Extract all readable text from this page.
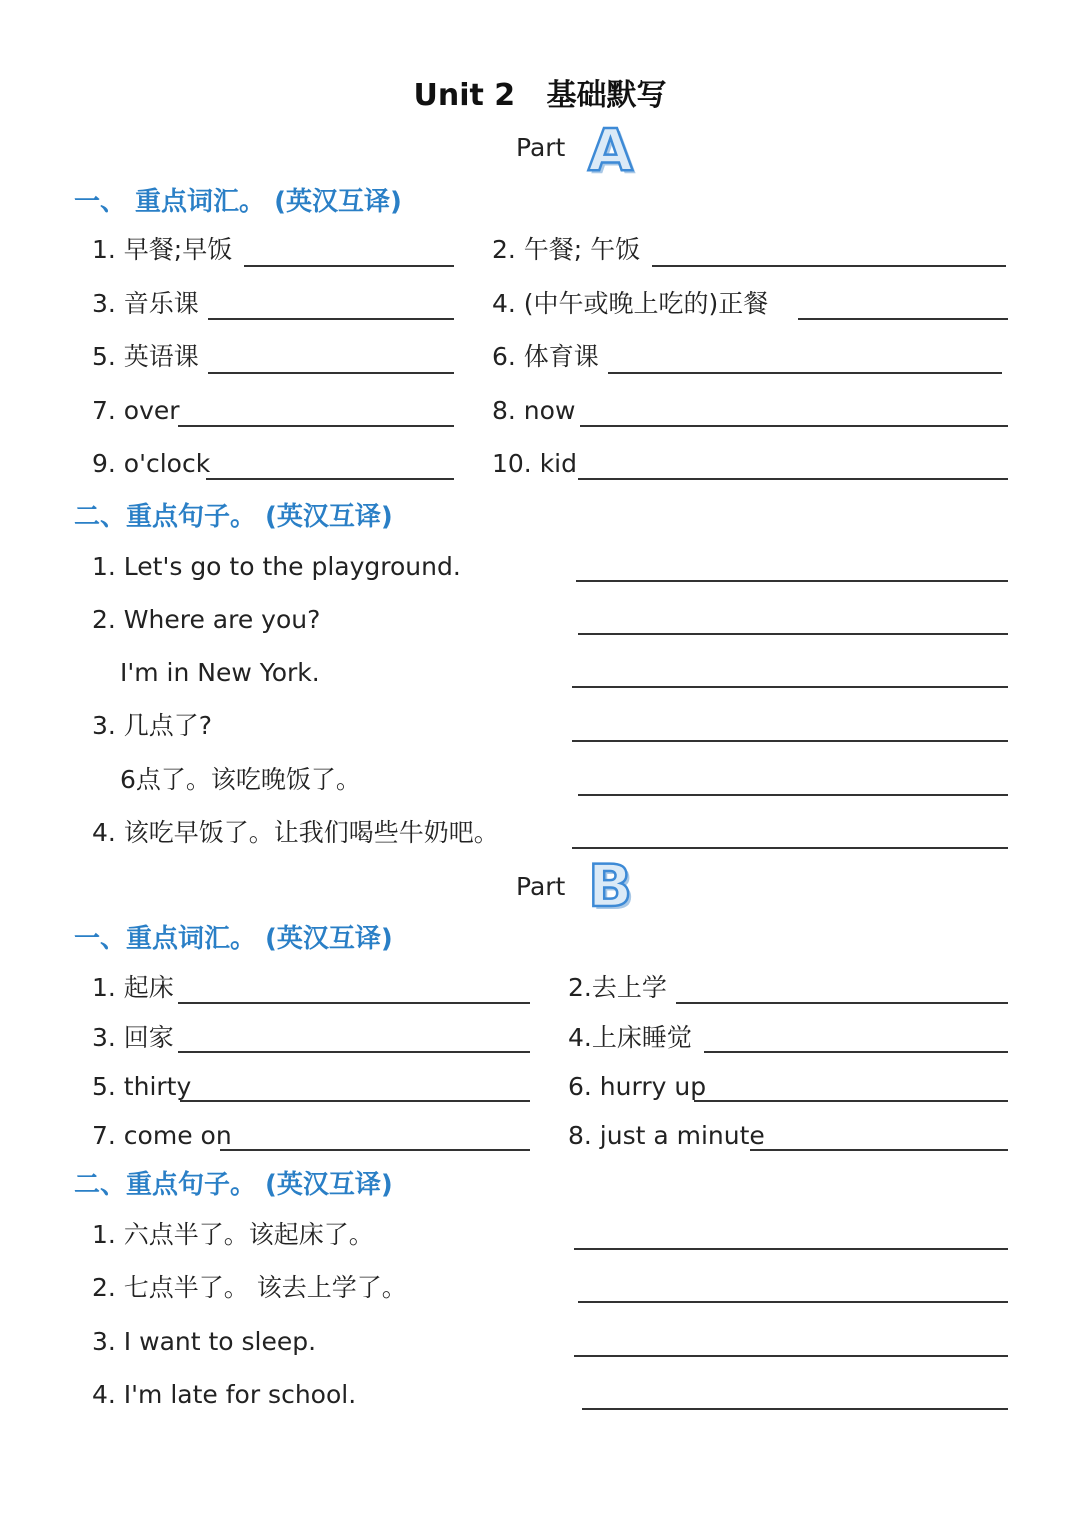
Unit 2   基础默写
Part A
一、 重点词汇。 (英汉互译)
1. 早餐;早饭	2. 午餐; 午饭
3. 音乐课	4. (中午或晚上吃的)正餐
5. 英语课	6. 体育课
7. over	8. now
9. o'clock	10. kid
二、重点句子。 (英汉互译)
1. Let's go to the playground.
2. Where are you?
I'm in New York.
3. 几点了?
6点了。该吃晚饭了。
4. 该吃早饭了。让我们喝些牛奶吧。
Part B
一、重点词汇。 (英汉互译)
1. 起床	2.去上学
3. 回家	4.上床睡觉
5. thirty	6. hurry up
7. come on	8. just a minute
二、重点句子。 (英汉互译)
1. 六点半了。该起床了。
2. 七点半了。 该去上学了。
3. I want to sleep.
4. I'm late for school.
